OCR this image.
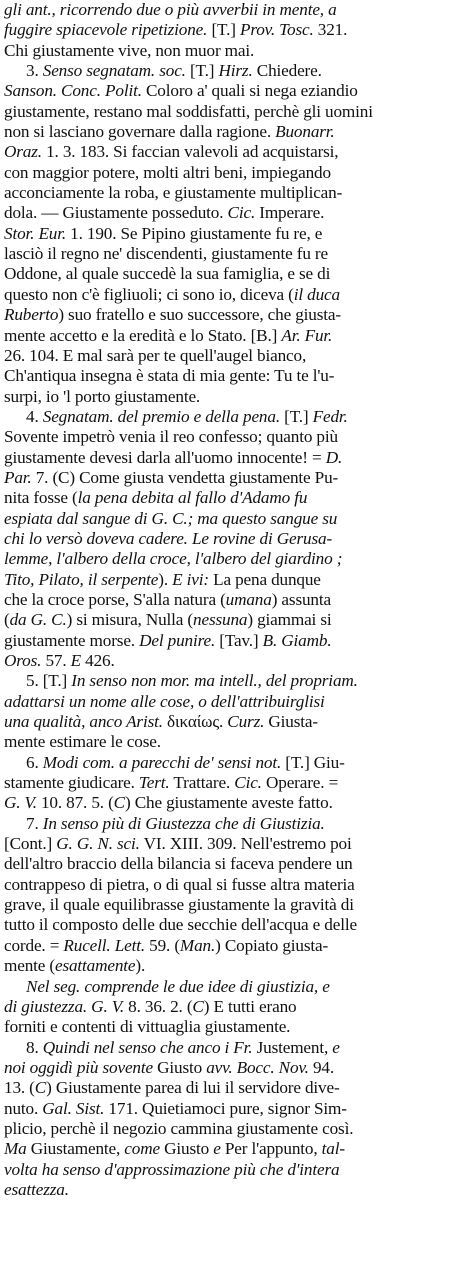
gli ant., ricorrendo due o più avverbii in mente, a
fuggire spiacevole ripetizione. [T.] Prov. Tosc. 321.
Chi giustamente vive, non muor mai.
3. Senso segnatam. soc. [T.] Hirz. Chiedere.
Sanson. Conc. Polit. Coloro a' quali si nega eziandio
giustamente, restano mal soddisfatti, perchè gli uomini
non si lasciano governare dalla ragione. Buonarr.
Oraz. 1. 3. 183. Si faccian valevoli ad acquistarsi,
con maggior potere, molti altri beni, impiegando
acconciamente la roba, e giustamente multiplican-
dola. — Giustamente posseduto. Cic. Imperare.
Stor. Eur. 1. 190. Se Pipino giustamente fu re, e
lasciò il regno ne' discendenti, giustamente fu re
Oddone, al quale succedè la sua famiglia, e se di
questo non c'è figliuoli; ci sono io, diceva (il duca
Ruberto) suo fratello e suo successore, che giusta-
mente accetto e la eredità e lo Stato. [B.] Ar. Fur.
26. 104. E mal sarà per te quell'augel bianco,
Ch'antiqua insegna è stata di mia gente: Tu te l'u-
surpi, io 'l porto giustamente.
4. Segnatam. del premio e della pena. [T.] Fedr.
Sovente impetrò venia il reo confesso; quanto più
giustamente devesi darla all'uomo innocente! = D.
Par. 7. (C) Come giusta vendetta giustamente Pu-
nita fosse (la pena debita al fallo d'Adamo fu
espiata dal sangue di G. C.; ma questo sangue su
chi lo versò doveva cadere. Le rovine di Gerusa-
lemme, l'albero della croce, l'albero del giardino ;
Tito, Pilato, il serpente). E ivi: La pena dunque
che la croce porse, S'alla natura (umana) assunta
(da G. C.) si misura, Nulla (nessuna) giammai si
giustamente morse. Del punire. [Tav.] B. Giamb.
Oros. 57. E 426.
5. [T.] In senso non mor. ma intell., del propriam.
adattarsi un nome alle cose, o dell'attribuirglisi
una qualità, anco Arist. δικαίως. Curz. Giusta-
mente estimare le cose.
6. Modi com. a parecchi de' sensi not. [T.] Giu-
stamente giudicare. Tert. Trattare. Cic. Operare. =
G. V. 10. 87. 5. (C) Che giustamente aveste fatto.
7. In senso più di Giustezza che di Giustizia.
[Cont.] G. G. N. sci. VI. XIII. 309. Nell'estremo poi
dell'altro braccio della bilancia si faceva pendere un
contrappeso di pietra, o di qual si fusse altra materia
grave, il quale equilibrasse giustamente la gravità di
tutto il composto delle due secchie dell'acqua e delle
corde. = Rucell. Lett. 59. (Man.) Copiato giusta-
mente (esattamente).
Nel seg. comprende le due idee di giustizia, e
di giustezza. G. V. 8. 36. 2. (C) E tutti erano
forniti e contenti di vittuaglia giustamente.
8. Quindi nel senso che anco i Fr. Justement, e
noi oggidì più sovente Giusto avv. Bocc. Nov. 94.
13. (C) Giustamente parea di lui il servidore dive-
nuto. Gal. Sist. 171. Quietiamoci pure, signor Sim-
plicio, perchè il negozio cammina giustamente così.
Ma Giustamente, come Giusto e Per l'appunto, tal-
volta ha senso d'approssimazione più che d'intera
esattezza.
